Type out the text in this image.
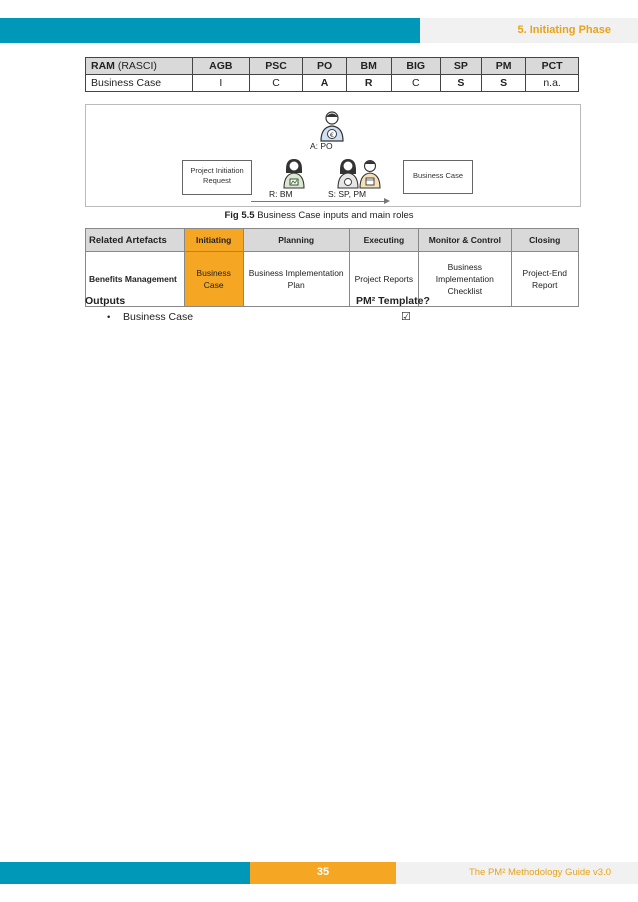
5. Initiating Phase
RAM (RASCI)	AGB	PSC	PO	BM	BIG	SP	PM	PCT
Business Case	I	C	A	R	C	S	S	n.a.
€
A: PO
Project Initiation Request
R: BM	S: SP, PM
Business Case
Fig 5.5 Business Case inputs and main roles
Related Artefacts	Initiating	Planning	Executing	Monitor & Control	Closing
Benefits Management	Business Case	Business Implementation Plan	Project Reports	Business Implementation Checklist	Project-End Report
Outputs	PM² Template?
• Business Case	☑
35	The PM² Methodology Guide v3.0
